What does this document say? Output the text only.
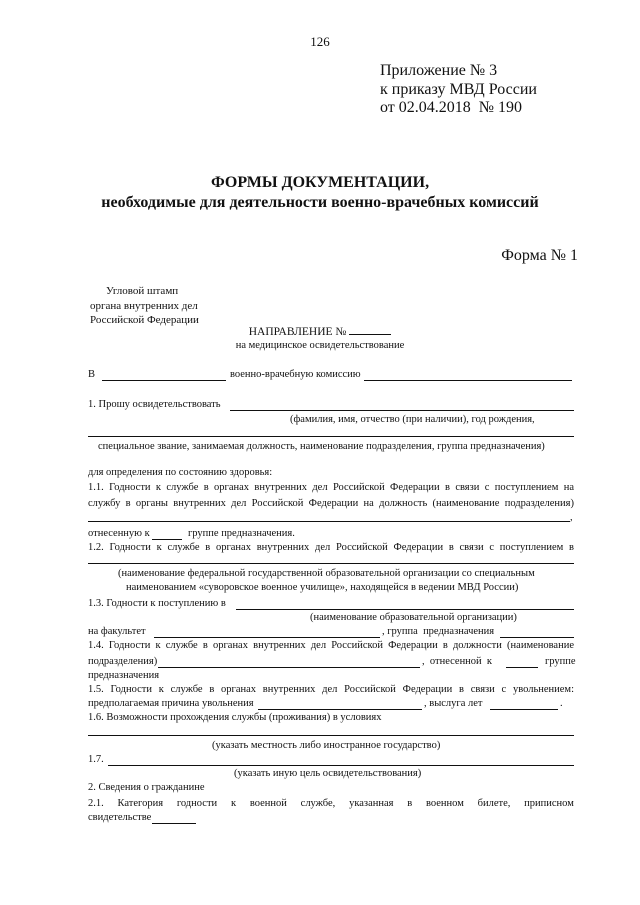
126
Приложение № 3
к приказу МВД России
от 02.04.2018  № 190
ФОРМЫ ДОКУМЕНТАЦИИ,
необходимые для деятельности военно-врачебных комиссий
Форма № 1
Угловой штамп
органа внутренних дел
Российской Федерации
НАПРАВЛЕНИЕ №
на медицинское освидетельствование
В	военно-врачебную комиссию
1. Прошу освидетельствовать
(фамилия, имя, отчество (при наличии), год рождения,
специальное звание, занимаемая должность, наименование подразделения, группа предназначения)
для определения по состоянию здоровья:
1.1. Годности к службе в органах внутренних дел Российской Федерации в связи с поступлением на
службу в органы внутренних дел Российской Федерации на должность (наименование подразделения)
,
отнесенную к	группе предназначения.
1.2. Годности к службе в органах внутренних дел Российской Федерации в связи с поступлением в
(наименование федеральной государственной образовательной организации со специальным
наименованием «суворовское военное училище», находящейся в ведении МВД России)
1.3. Годности к поступлению в
(наименование образовательной организации)
на факультет	, группа  предназначения
1.4. Годности к службе в органах внутренних дел Российской Федерации в должности (наименование
подразделения)	,  отнесенной  к	группе
предназначения
1.5. Годности к службе в органах внутренних дел Российской Федерации в связи с увольнением:
предполагаемая причина увольнения	, выслуга лет	.
1.6. Возможности прохождения службы (проживания) в условиях
(указать местность либо иностранное государство)
1.7.
(указать иную цель освидетельствования)
2. Сведения о гражданине
2.1. Категория годности к военной службе, указанная в военном билете, приписном
свидетельстве
